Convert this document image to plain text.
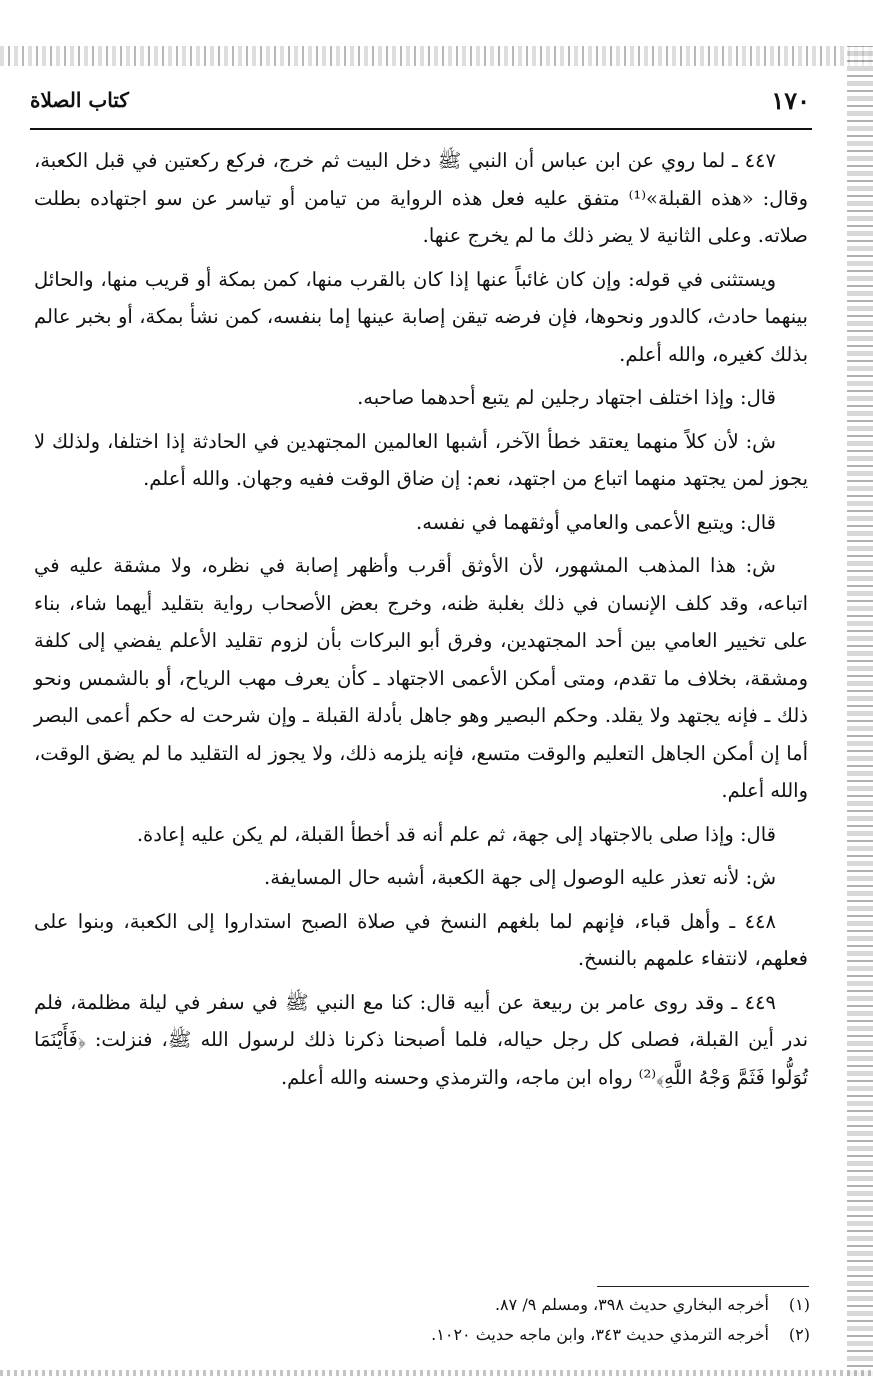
١٧٠
كتاب الصلاة

٤٤٧ ـ لما روي عن ابن عباس أن النبي ﷺ دخل البيت ثم خرج، فركع ركعتين في قبل الكعبة، وقال: «هذه القبلة»⁽¹⁾ متفق عليه فعل هذه الرواية من تيامن أو تياسر عن سو اجتهاده بطلت صلاته. وعلى الثانية لا يضر ذلك ما لم يخرج عنها.

ويستثنى في قوله: وإن كان غائباً عنها إذا كان بالقرب منها، كمن بمكة أو قريب منها، والحائل بينهما حادث، كالدور ونحوها، فإن فرضه تيقن إصابة عينها إما بنفسه، كمن نشأ بمكة، أو بخبر عالم بذلك كغيره، والله أعلم.

قال: وإذا اختلف اجتهاد رجلين لم يتبع أحدهما صاحبه.

ش: لأن كلاً منهما يعتقد خطأ الآخر، أشبها العالمين المجتهدين في الحادثة إذا اختلفا، ولذلك لا يجوز لمن يجتهد منهما اتباع من اجتهد، نعم: إن ضاق الوقت ففيه وجهان. والله أعلم.

قال: ويتبع الأعمى والعامي أوثقهما في نفسه.

ش: هذا المذهب المشهور، لأن الأوثق أقرب وأظهر إصابة في نظره، ولا مشقة عليه في اتباعه، وقد كلف الإنسان في ذلك بغلبة ظنه، وخرج بعض الأصحاب رواية بتقليد أيهما شاء، بناء على تخيير العامي بين أحد المجتهدين، وفرق أبو البركات بأن لزوم تقليد الأعلم يفضي إلى كلفة ومشقة، بخلاف ما تقدم، ومتى أمكن الأعمى الاجتهاد ـ كأن يعرف مهب الرياح، أو بالشمس ونحو ذلك ـ فإنه يجتهد ولا يقلد. وحكم البصير وهو جاهل بأدلة القبلة ـ وإن شرحت له حكم أعمى البصر أما إن أمكن الجاهل التعليم والوقت متسع، فإنه يلزمه ذلك، ولا يجوز له التقليد ما لم يضق الوقت، والله أعلم.

قال: وإذا صلى بالاجتهاد إلى جهة، ثم علم أنه قد أخطأ القبلة، لم يكن عليه إعادة.

ش: لأنه تعذر عليه الوصول إلى جهة الكعبة، أشبه حال المسايفة.

٤٤٨ ـ وأهل قباء، فإنهم لما بلغهم النسخ في صلاة الصبح استداروا إلى الكعبة، وبنوا على فعلهم، لانتفاء علمهم بالنسخ.

٤٤٩ ـ وقد روى عامر بن ربيعة عن أبيه قال: كنا مع النبي ﷺ في سفر في ليلة مظلمة، فلم ندر أين القبلة، فصلى كل رجل حياله، فلما أصبحنا ذكرنا ذلك لرسول الله ﷺ، فنزلت: ﴿فَأَيْنَمَا تُوَلُّوا فَثَمَّ وَجْهُ اللَّهِ﴾⁽²⁾ رواه ابن ماجه، والترمذي وحسنه والله أعلم.

(١) أخرجه البخاري حديث ٣٩٨، ومسلم ٩/ ٨٧.

(٢) أخرجه الترمذي حديث ٣٤٣، وابن ماجه حديث ١٠٢٠.
